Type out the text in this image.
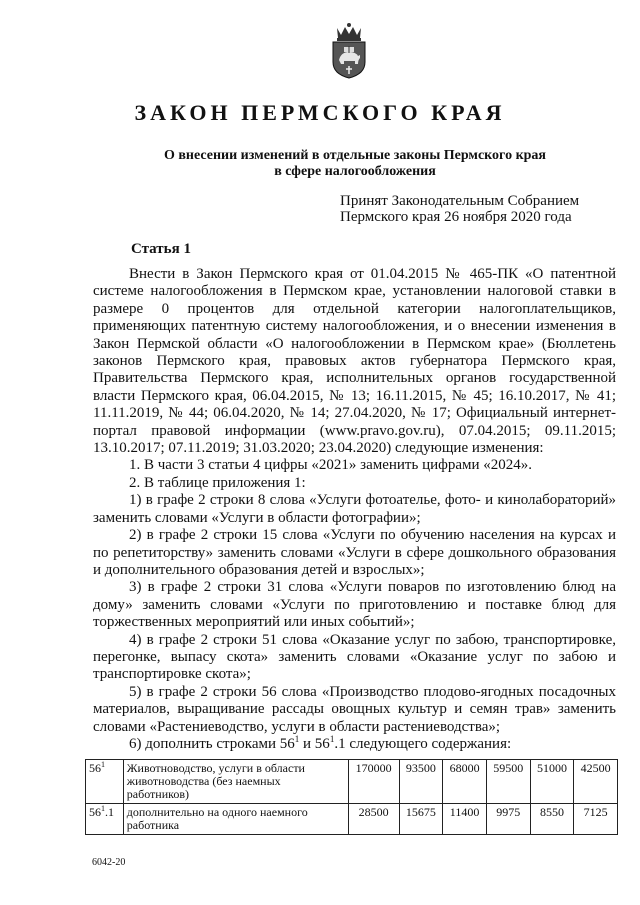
ЗАКОН ПЕРМСКОГО КРАЯ
О внесении изменений в отдельные законы Пермского края
в сфере налогообложения
Принят Законодательным Собранием
Пермского края 26 ноября 2020 года
Статья 1

Внести в Закон Пермского края от 01.04.2015 № 465-ПК «О патентной системе налогообложения в Пермском крае, установлении налоговой ставки в размере 0 процентов для отдельной категории налогоплательщиков, применяющих патентную систему налогообложения, и о внесении изменения в Закон Пермской области «О налогообложении в Пермском крае» (Бюллетень законов Пермского края, правовых актов губернатора Пермского края, Правительства Пермского края, исполнительных органов государственной власти Пермского края, 06.04.2015, № 13; 16.11.2015, № 45; 16.10.2017, № 41; 11.11.2019, № 44; 06.04.2020, № 14; 27.04.2020, № 17; Официальный интернет-портал правовой информации (www.pravo.gov.ru), 07.04.2015; 09.11.2015; 13.10.2017; 07.11.2019; 31.03.2020; 23.04.2020) следующие изменения:

1. В части 3 статьи 4 цифры «2021» заменить цифрами «2024».

2. В таблице приложения 1:

1) в графе 2 строки 8 слова «Услуги фотоателье, фото- и кинолабораторий» заменить словами «Услуги в области фотографии»;

2) в графе 2 строки 15 слова «Услуги по обучению населения на курсах и по репетиторству» заменить словами «Услуги в сфере дошкольного образования и дополнительного образования детей и взрослых»;

3) в графе 2 строки 31 слова «Услуги поваров по изготовлению блюд на дому» заменить словами «Услуги по приготовлению и поставке блюд для торжественных мероприятий или иных событий»;

4) в графе 2 строки 51 слова «Оказание услуг по забою, транспортировке, перегонке, выпасу скота» заменить словами «Оказание услуг по забою и транспортировке скота»;

5) в графе 2 строки 56 слова «Производство плодово-ягодных посадочных материалов, выращивание рассады овощных культур и семян трав» заменить словами «Растениеводство, услуги в области растениеводства»;

6) дополнить строками $56^1$ и $56^1.1$ следующего содержания:

$56^1$	Животноводство, услуги в области животноводства (без наемных работников)	170000	93500	68000	59500	51000	42500
$56^1.1$	дополнительно на одного наемного работника	28500	15675	11400	9975	8550	7125
6042-20
